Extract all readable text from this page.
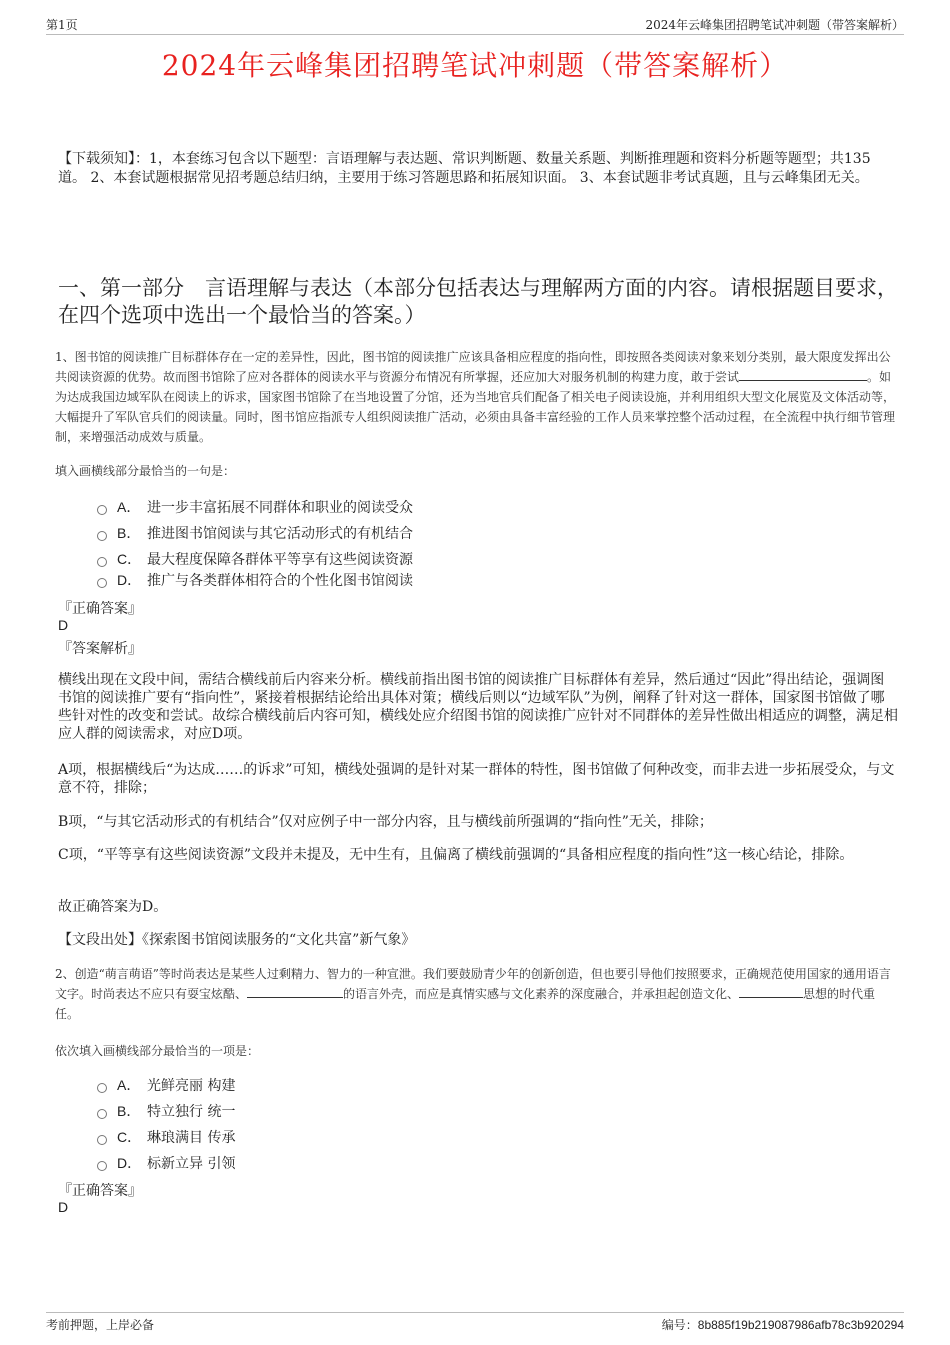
第1页	2024年云峰集团招聘笔试冲刺题（带答案解析）
2024年云峰集团招聘笔试冲刺题（带答案解析）
【下载须知】：1，本套练习包含以下题型：言语理解与表达题、常识判断题、数量关系题、判断推理题和资料分析题等题型；共135道。 2、本套试题根据常见招考题总结归纳，主要用于练习答题思路和拓展知识面。 3、本套试题非考试真题，且与云峰集团无关。
一、第一部分　言语理解与表达（本部分包括表达与理解两方面的内容。请根据题目要求，在四个选项中选出一个最恰当的答案。）
1、图书馆的阅读推广目标群体存在一定的差异性，因此，图书馆的阅读推广应该具备相应程度的指向性，即按照各类阅读对象来划分类别，最大限度发挥出公共阅读资源的优势。故而图书馆除了应对各群体的阅读水平与资源分布情况有所掌握，还应加大对服务机制的构建力度，敢于尝试	。如为达成我国边域军队在阅读上的诉求，国家图书馆除了在当地设置了分馆，还为当地官兵们配备了相关电子阅读设施，并利用组织大型文化展览及文体活动等，大幅提升了军队官兵们的阅读量。同时，图书馆应指派专人组织阅读推广活动，必须由具备丰富经验的工作人员来掌控整个活动过程，在全流程中执行细节管理制，来增强活动成效与质量。
填入画横线部分最恰当的一句是：
A． 进一步丰富拓展不同群体和职业的阅读受众
B． 推进图书馆阅读与其它活动形式的有机结合
C． 最大程度保障各群体平等享有这些阅读资源
D． 推广与各类群体相符合的个性化图书馆阅读
『正确答案』
D
『答案解析』
横线出现在文段中间，需结合横线前后内容来分析。横线前指出图书馆的阅读推广目标群体有差异，然后通过“因此”得出结论，强调图书馆的阅读推广要有“指向性”，紧接着根据结论给出具体对策；横线后则以“边域军队”为例，阐释了针对这一群体，国家图书馆做了哪些针对性的改变和尝试。故综合横线前后内容可知，横线处应介绍图书馆的阅读推广应针对不同群体的差异性做出相适应的调整，满足相应人群的阅读需求，对应D项。
A项，根据横线后“为达成……的诉求”可知，横线处强调的是针对某一群体的特性，图书馆做了何种改变，而非去进一步拓展受众，与文意不符，排除；
B项，“与其它活动形式的有机结合”仅对应例子中一部分内容，且与横线前所强调的“指向性”无关，排除；
C项，“平等享有这些阅读资源”文段并未提及，无中生有，且偏离了横线前强调的“具备相应程度的指向性”这一核心结论，排除。
故正确答案为D。
【文段出处】《探索图书馆阅读服务的“文化共富”新气象》
2、创造“萌言萌语”等时尚表达是某些人过剩精力、智力的一种宣泄。我们要鼓励青少年的创新创造，但也要引导他们按照要求，正确规范使用国家的通用语言文字。时尚表达不应只有耍宝炫酷、	的语言外壳，而应是真情实感与文化素养的深度融合，并承担起创造文化、	思想的时代重任。
依次填入画横线部分最恰当的一项是：
A． 光鲜亮丽 构建
B． 特立独行 统一
C． 琳琅满目 传承
D． 标新立异 引领
『正确答案』
D
考前押题，上岸必备	编号：8b885f19b219087986afb78c3b920294
